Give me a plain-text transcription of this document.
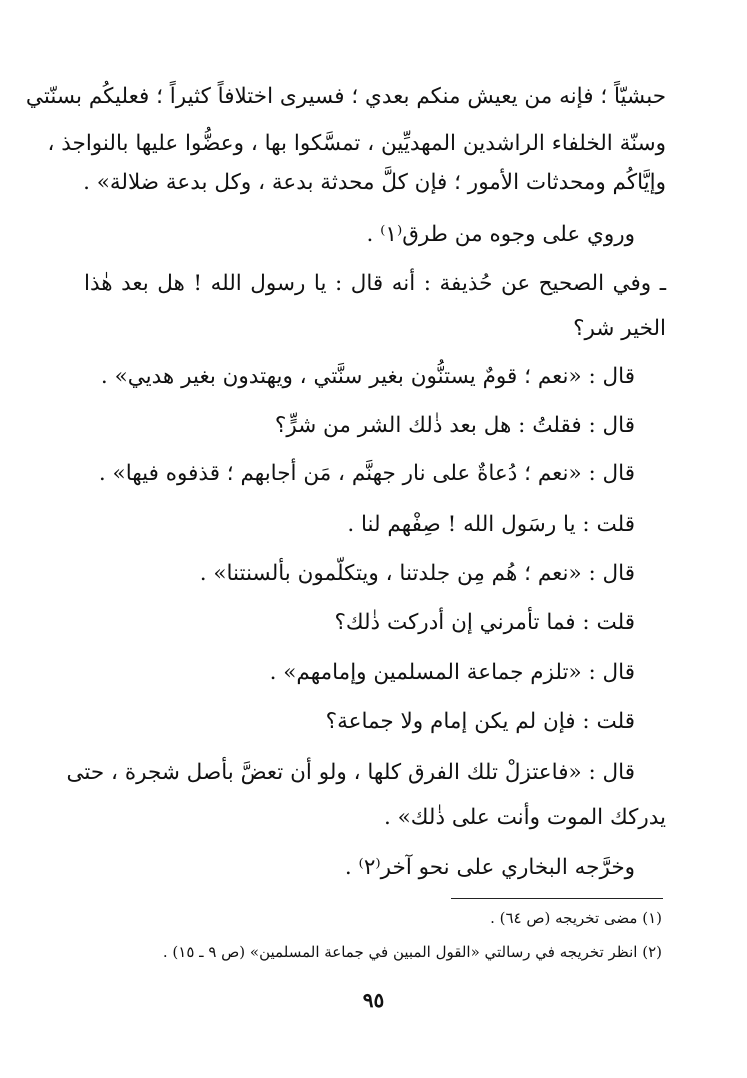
حبشيّاً ؛ فإنه من يعيش منكم بعدي ؛ فسيرى اختلافاً كثيراً ؛ فعليكُم بسنّتي
وسنّة الخلفاء الراشدين المهديِّين ، تمسَّكوا بها ، وعضُّوا عليها بالنواجذ ،
وإيَّاكُم ومحدثات الأمور ؛ فإن كلَّ محدثة بدعة ، وكل بدعة ضلالة» .
وروي على وجوه من طرق⁽١⁾ .
ـ وفي الصحيح عن حُذيفة : أنه قال : يا رسول الله ! هل بعد هٰذا
الخير شر؟
قال : «نعم ؛ قومٌ يستنُّون بغير سنَّتي ، ويهتدون بغير هديي» .
قال : فقلتُ : هل بعد ذٰلك الشر من شرٍّ؟
قال : «نعم ؛ دُعاةٌ على نار جهنَّم ، مَن أجابهم ؛ قذفوه فيها» .
قلت : يا رسَول الله ! صِفْهم لنا .
قال : «نعم ؛ هُم مِن جلدتنا ، ويتكلّمون بألسنتنا» .
قلت : فما تأمرني إن أدركت ذٰلك؟
قال : «تلزم جماعة المسلمين وإمامهم» .
قلت : فإن لم يكن إمام ولا جماعة؟
قال : «فاعتزلْ تلك الفرق كلها ، ولو أن تعضَّ بأصل شجرة ، حتى
يدركك الموت وأنت على ذٰلك» .
وخرَّجه البخاري على نحو آخر⁽٢⁾ .
(١) مضى تخريجه (ص ٦٤) .
(٢) انظر تخريجه في رسالتي «القول المبين في جماعة المسلمين» (ص ٩ ـ ١٥) .
٩٥
